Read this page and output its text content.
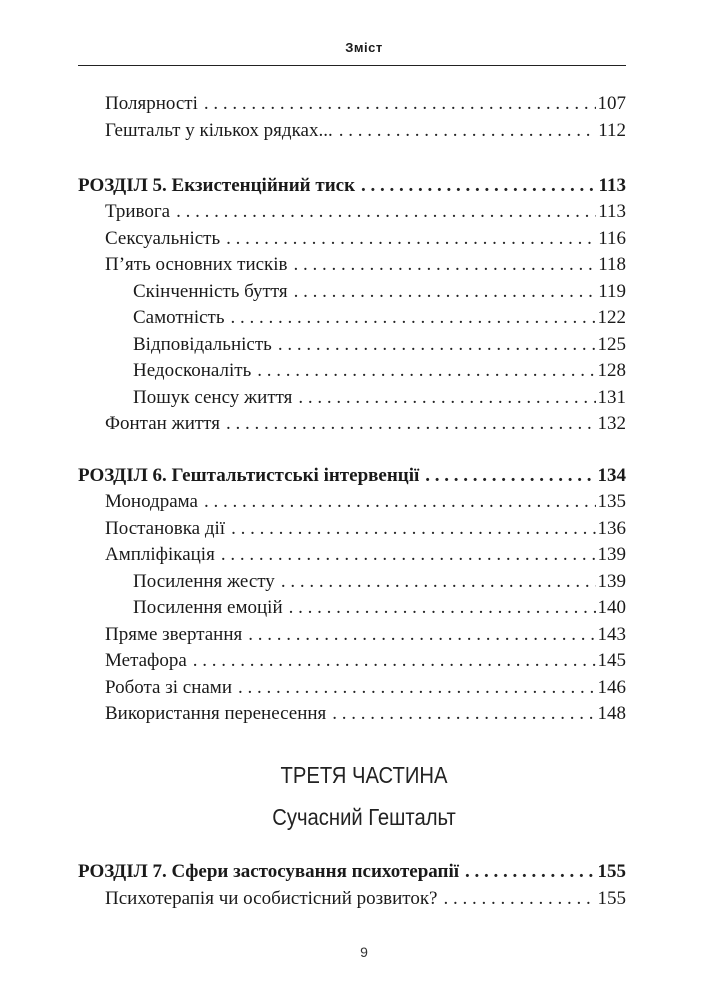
Зміст
Полярності . . .	107
Гештальт у кількох рядках... . . .	112
РОЗДІЛ 5. Екзистенційний тиск . . .	113
Тривога . . .	113
Сексуальність . . .	116
П’ять основних тисків . . .	118
Скінченність буття . . .	119
Самотність . . .	122
Відповідальність . . .	125
Недосконаліть . . .	128
Пошук сенсу життя . . .	131
Фонтан життя . . .	132
РОЗДІЛ 6. Гештальтистські інтервенції . . .	134
Монодрама . . .	135
Постановка дії . . .	136
Ампліфікація . . .	139
Посилення жесту . . .	139
Посилення емоцій . . .	140
Пряме звертання . . .	143
Метафора . . .	145
Робота зі снами . . .	146
Використання перенесення . . .	148
РОЗДІЛ 7. Сфери застосування психотерапії . . .	155
Психотерапія чи особистісний розвиток? . . .	155
ТРЕТЯ ЧАСТИНА
Сучасний Гештальт
9
